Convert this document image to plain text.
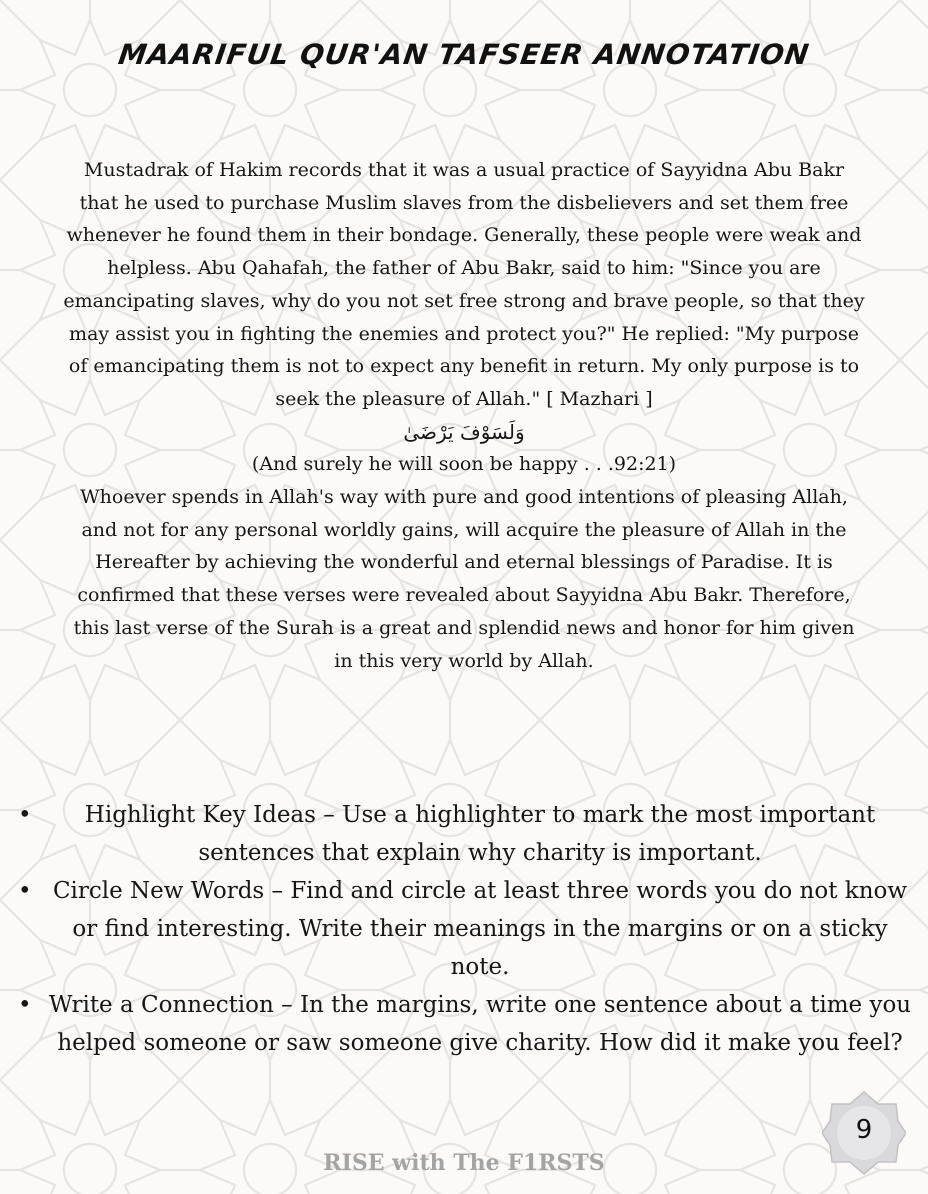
MAARIFUL QUR'AN TAFSEER ANNOTATION

Mustadrak of Hakim records that it was a usual practice of Sayyidna Abu Bakr that he used to purchase Muslim slaves from the disbelievers and set them free whenever he found them in their bondage. Generally, these people were weak and helpless. Abu Qahafah, the father of Abu Bakr, said to him: "Since you are emancipating slaves, why do you not set free strong and brave people, so that they may assist you in fighting the enemies and protect you?" He replied: "My purpose of emancipating them is not to expect any benefit in return. My only purpose is to seek the pleasure of Allah." [ Mazhari ]

وَلَسَوْفَ يَرْضَىٰ

(And surely he will soon be happy . . .92:21)

Whoever spends in Allah's way with pure and good intentions of pleasing Allah, and not for any personal worldly gains, will acquire the pleasure of Allah in the Hereafter by achieving the wonderful and eternal blessings of Paradise. It is confirmed that these verses were revealed about Sayyidna Abu Bakr. Therefore, this last verse of the Surah is a great and splendid news and honor for him given in this very world by Allah.

• Highlight Key Ideas – Use a highlighter to mark the most important sentences that explain why charity is important.
• Circle New Words – Find and circle at least three words you do not know or find interesting. Write their meanings in the margins or on a sticky note.
• Write a Connection – In the margins, write one sentence about a time you helped someone or saw someone give charity. How did it make you feel?
RISE with The F1RSTS
9
